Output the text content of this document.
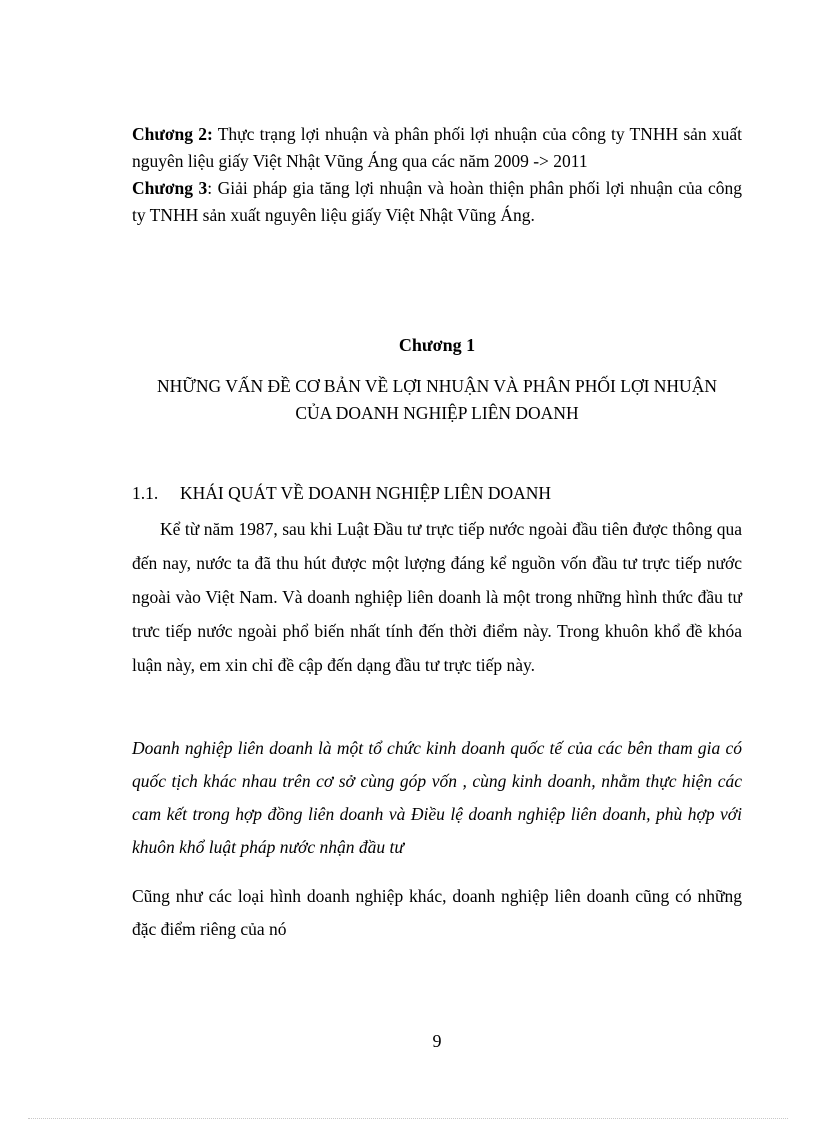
Chương 2: Thực trạng lợi nhuận và phân phối lợi nhuận của công ty TNHH sản xuất nguyên liệu giấy Việt Nhật Vũng Áng qua các năm 2009 -> 2011

Chương 3: Giải pháp gia tăng lợi nhuận và hoàn thiện phân phối lợi nhuận của công ty TNHH sản xuất nguyên liệu giấy Việt Nhật Vũng Áng.

Chương 1
NHỮNG VẤN ĐỀ CƠ BẢN VỀ LỢI NHUẬN VÀ PHÂN PHỐI LỢI NHUẬN
CỦA DOANH NGHIỆP LIÊN DOANH
1.1. KHÁI QUÁT VỀ DOANH NGHIỆP LIÊN DOANH

Kể từ năm 1987, sau khi Luật Đầu tư trực tiếp nước ngoài đầu tiên được thông qua đến nay, nước ta đã thu hút được một lượng đáng kể nguồn vốn đầu tư trực tiếp nước ngoài vào Việt Nam. Và doanh nghiệp liên doanh là một trong những hình thức đầu tư trưc tiếp nước ngoài phổ biến nhất tính đến thời điểm này. Trong khuôn khổ đề khóa luận này, em xin chỉ đề cập đến dạng đầu tư trực tiếp này.

Doanh nghiệp liên doanh là một tổ chức kinh doanh quốc tế của các bên tham gia có quốc tịch khác nhau trên cơ sở cùng góp vốn , cùng kinh doanh, nhằm thực hiện các cam kết trong hợp đồng liên doanh và Điều lệ doanh nghiệp liên doanh, phù hợp với khuôn khổ luật pháp nước nhận đầu tư

Cũng như các loại hình doanh nghiệp khác, doanh nghiệp liên doanh cũng có những đặc điểm riêng của nó

9
